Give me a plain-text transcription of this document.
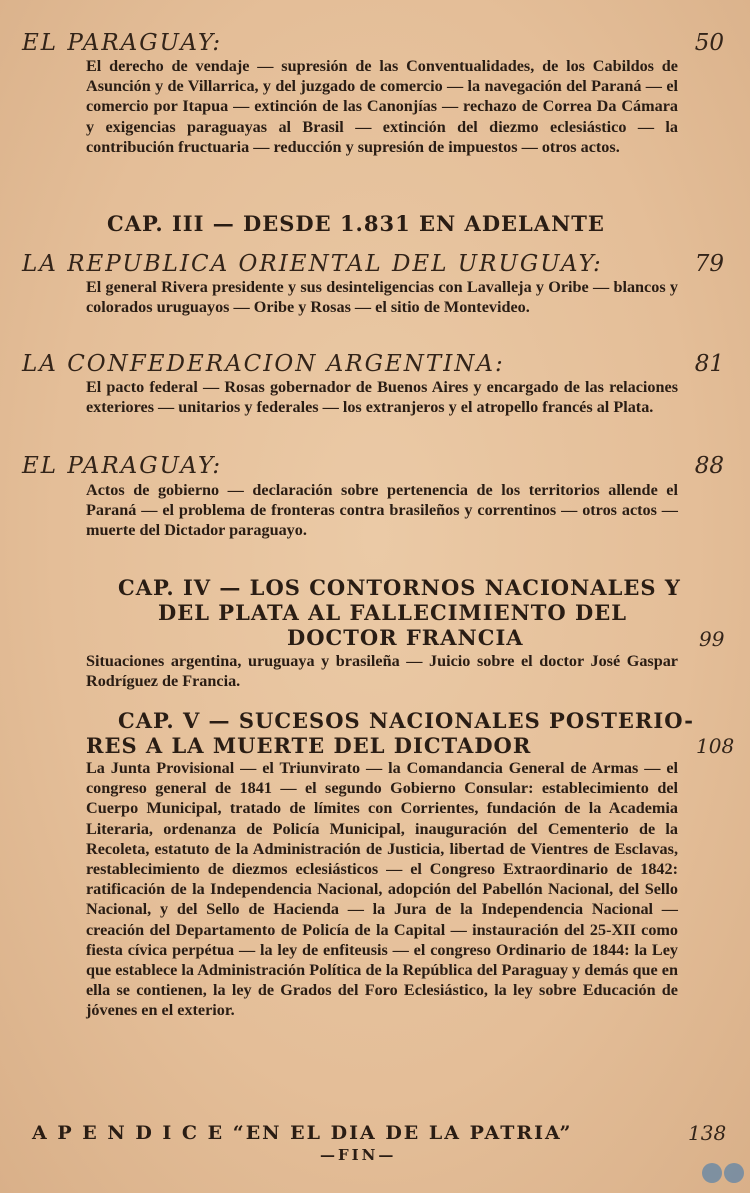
EL PARAGUAY:	50
El derecho de vendaje — supresión de las Conventualidades, de los Cabildos de Asunción y de Villarrica, y del juzgado de comercio — la navegación del Paraná — el comercio por Itapua — extinción de las Canonjías — rechazo de Correa Da Cámara y exigencias paraguayas al Brasil — extinción del diezmo eclesiástico — la contribución fructuaria — reducción y supresión de impuestos — otros actos.
CAP. III — DESDE 1.831 EN ADELANTE
LA REPUBLICA ORIENTAL DEL URUGUAY:	79
El general Rivera presidente y sus desinteligencias con Lavalleja y Oribe — blancos y colorados uruguayos — Oribe y Rosas — el sitio de Montevideo.
LA CONFEDERACION ARGENTINA:	81
El pacto federal — Rosas gobernador de Buenos Aires y encargado de las relaciones exteriores — unitarios y federales — los extranjeros y el atropello francés al Plata.
EL PARAGUAY:	88
Actos de gobierno — declaración sobre pertenencia de los territorios allende el Paraná — el problema de fronteras contra brasileños y correntinos — otros actos — muerte del Dictador paraguayo.
CAP. IV — LOS CONTORNOS NACIONALES Y
DEL PLATA AL FALLECIMIENTO DEL
DOCTOR FRANCIA	99
Situaciones argentina, uruguaya y brasileña — Juicio sobre el doctor José Gaspar Rodríguez de Francia.
CAP. V — SUCESOS NACIONALES POSTERIO-
RES A LA MUERTE DEL DICTADOR	108
La Junta Provisional — el Triunvirato — la Comandancia General de Armas — el congreso general de 1841 — el segundo Gobierno Consular: establecimiento del Cuerpo Municipal, tratado de límites con Corrientes, fundación de la Academia Literaria, ordenanza de Policía Municipal, inauguración del Cementerio de la Recoleta, estatuto de la Administración de Justicia, libertad de Vientres de Esclavas, restablecimiento de diezmos eclesiásticos — el Congreso Extraordinario de 1842: ratificación de la Independencia Nacional, adopción del Pabellón Nacional, del Sello Nacional, y del Sello de Hacienda — la Jura de la Independencia Nacional — creación del Departamento de Policía de la Capital — instauración del 25-XII como fiesta cívica perpétua — la ley de enfiteusis — el congreso Ordinario de 1844: la Ley que establece la Administración Política de la República del Paraguay y demás que en ella se contienen, la ley de Grados del Foro Eclesiástico, la ley sobre Educación de jóvenes en el exterior.
A P E N D I C E “EN EL DIA DE LA PATRIA”	138
—FIN—
